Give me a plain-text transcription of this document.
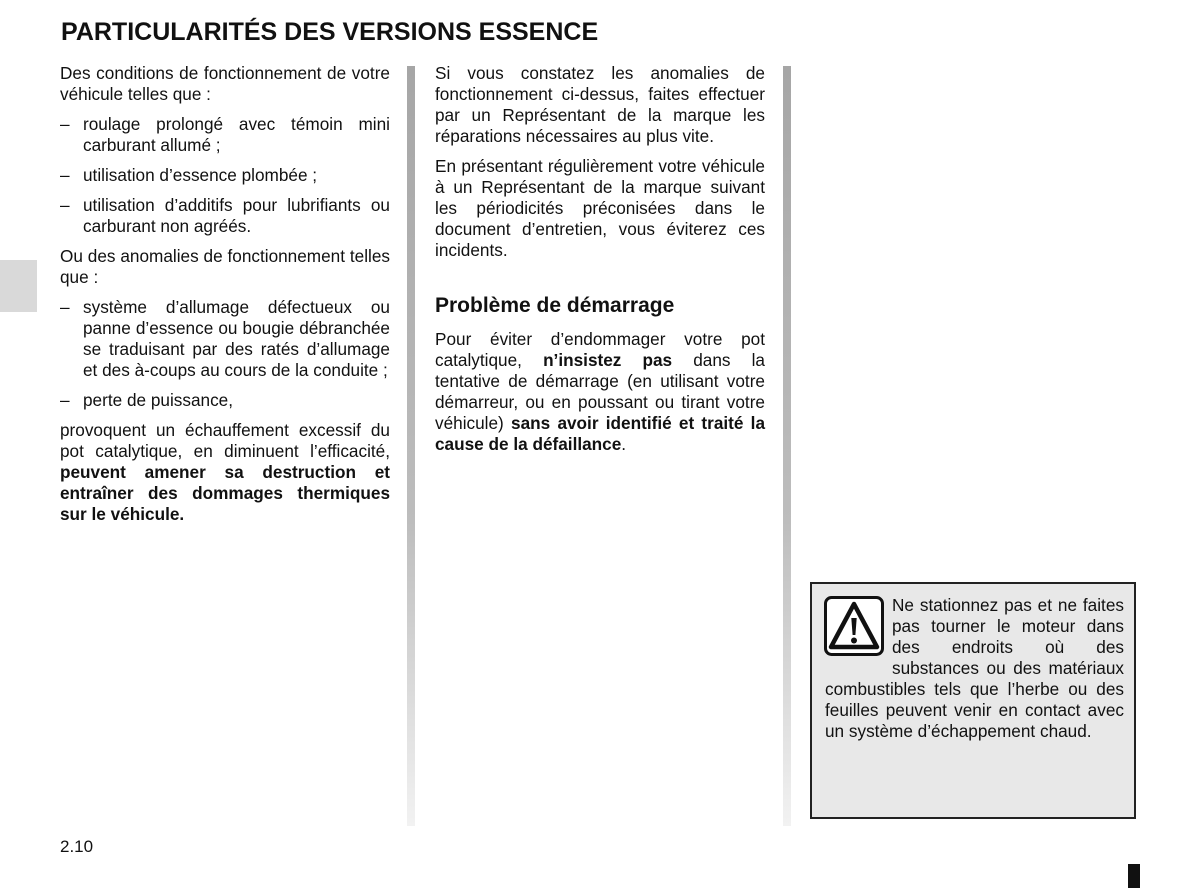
PARTICULARITÉS DES VERSIONS ESSENCE

Des conditions de fonctionnement de votre véhicule telles que :

– roulage prolongé avec témoin mini carburant allumé ;
– utilisation d’essence plombée ;
– utilisation d’additifs pour lubrifiants ou carburant non agréés.

Ou des anomalies de fonctionnement telles que :

– système d’allumage défectueux ou panne d’essence ou bougie débranchée se traduisant par des ratés d’allumage et des à-coups au cours de la conduite ;
– perte de puissance,

provoquent un échauffement excessif du pot catalytique, en diminuent l’efficacité, peuvent amener sa destruction et entraîner des dommages thermiques sur le véhicule.

Si vous constatez les anomalies de fonctionnement ci-dessus, faites effectuer par un Représentant de la marque les réparations nécessaires au plus vite.

En présentant régulièrement votre véhicule à un Représentant de la marque suivant les périodicités préconisées dans le document d’entretien, vous éviterez ces incidents.

Problème de démarrage

Pour éviter d’endommager votre pot catalytique, n’insistez pas dans la tentative de démarrage (en utilisant votre démarreur, ou en poussant ou tirant votre véhicule) sans avoir identifié et traité la cause de la défaillance.

Ne stationnez pas et ne faites pas tourner le moteur dans des endroits où des substances ou des matériaux combustibles tels que l’herbe ou des feuilles peuvent venir en contact avec un système d’échappement chaud.

2.10
